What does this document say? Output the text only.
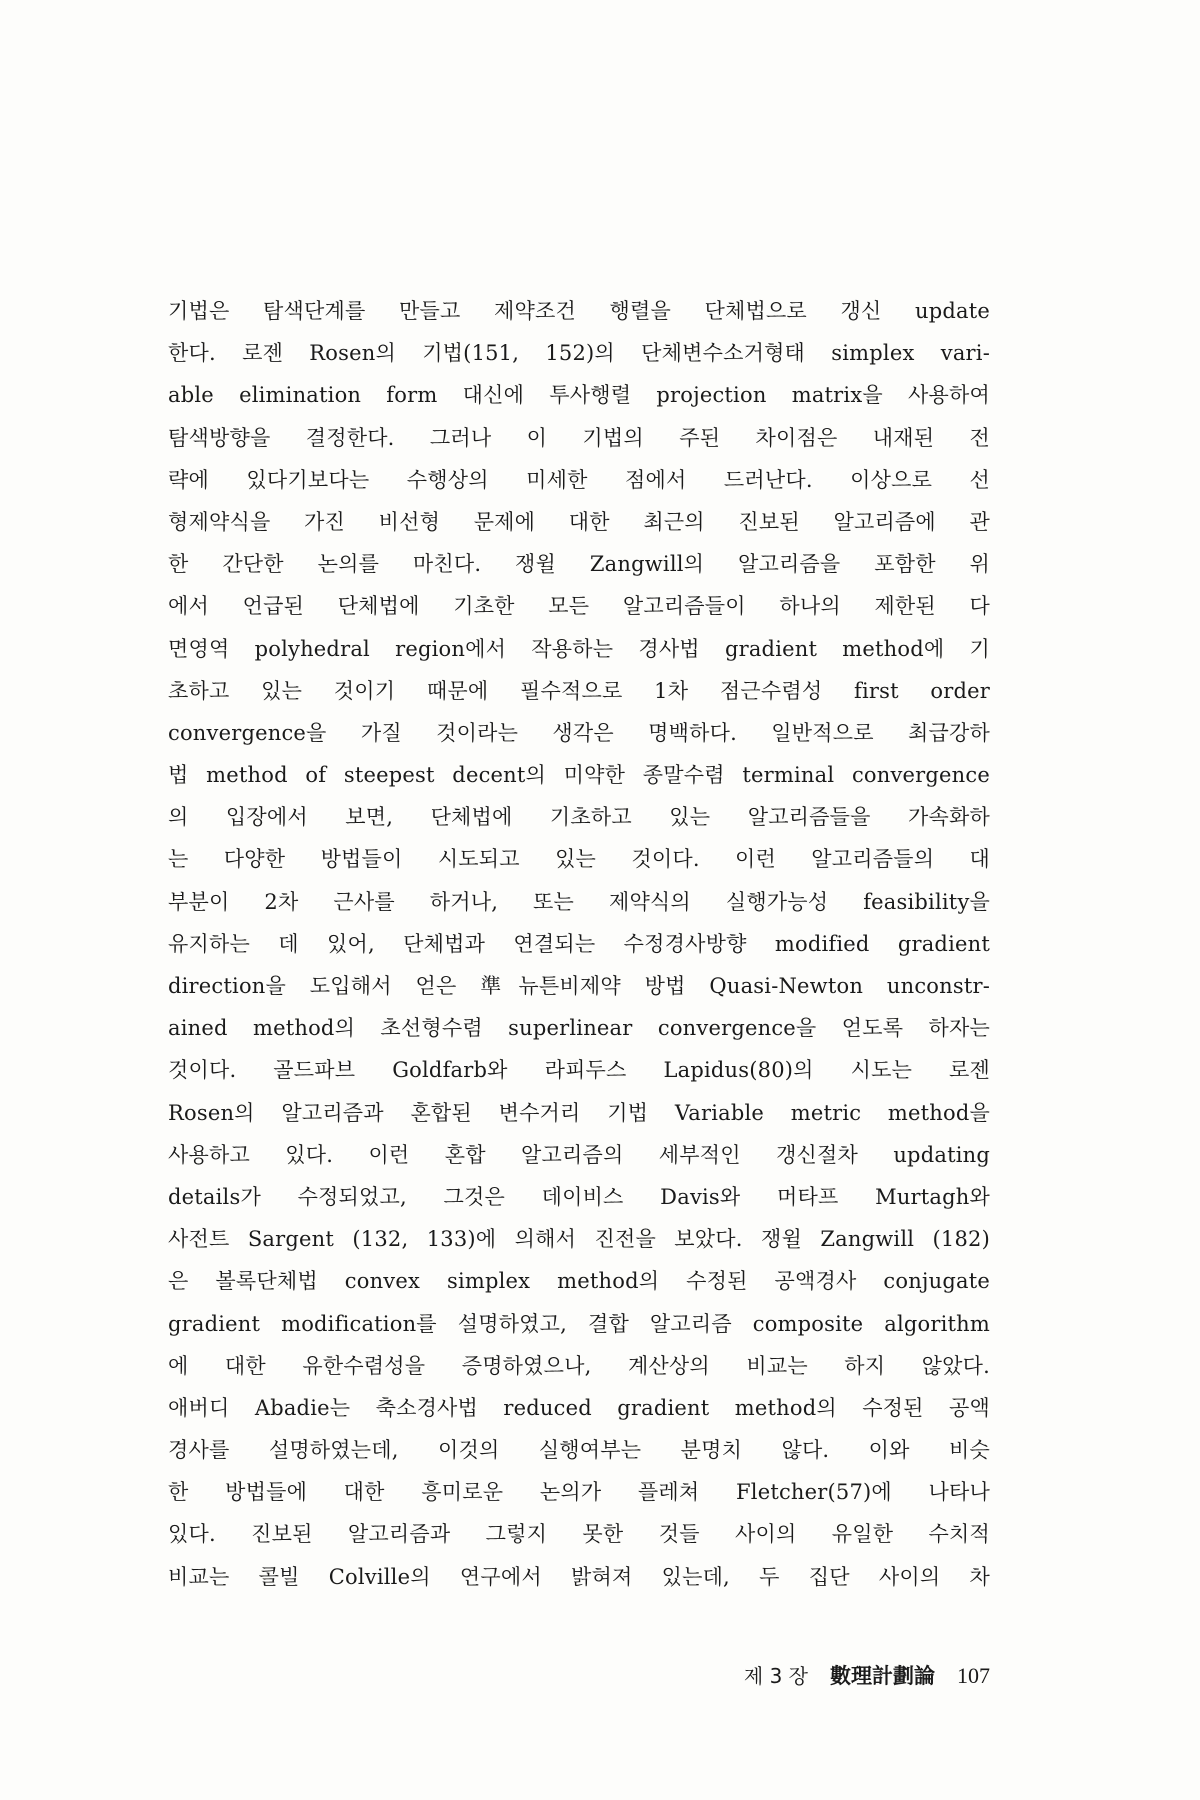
기법은 탐색단계를 만들고 제약조건 행렬을 단체법으로 갱신 update
한다. 로젠 Rosen의 기법(151, 152)의 단체변수소거형태 simplex vari-
able elimination form 대신에 투사행렬 projection matrix을 사용하여
탐색방향을 결정한다. 그러나 이 기법의 주된 차이점은 내재된 전
략에 있다기보다는 수행상의 미세한 점에서 드러난다. 이상으로 선
형제약식을 가진 비선형 문제에 대한 최근의 진보된 알고리즘에 관
한 간단한 논의를 마친다. 쟁윌 Zangwill의 알고리즘을 포함한 위
에서 언급된 단체법에 기초한 모든 알고리즘들이 하나의 제한된 다
면영역 polyhedral region에서 작용하는 경사법 gradient method에 기
초하고 있는 것이기 때문에 필수적으로 1차 점근수렴성 first order
convergence을 가질 것이라는 생각은 명백하다. 일반적으로 최급강하
법 method of steepest decent의 미약한 종말수렴 terminal convergence
의 입장에서 보면, 단체법에 기초하고 있는 알고리즘들을 가속화하
는 다양한 방법들이 시도되고 있는 것이다. 이런 알고리즘들의 대
부분이 2차 근사를 하거나, 또는 제약식의 실행가능성 feasibility을
유지하는 데 있어, 단체법과 연결되는 수정경사방향 modified gradient
direction을 도입해서 얻은 準뉴튼비제약 방법 Quasi-Newton unconstr-
ained method의 초선형수렴 superlinear convergence을 얻도록 하자는
것이다. 골드파브 Goldfarb와 라피두스 Lapidus(80)의 시도는 로젠
Rosen의 알고리즘과 혼합된 변수거리 기법 Variable metric method을
사용하고 있다. 이런 혼합 알고리즘의 세부적인 갱신절차 updating
details가 수정되었고, 그것은 데이비스 Davis와 머타프 Murtagh와
사전트 Sargent (132, 133)에 의해서 진전을 보았다. 쟁윌 Zangwill (182)
은 볼록단체법 convex simplex method의 수정된 공액경사 conjugate
gradient modification를 설명하였고, 결합 알고리즘 composite algorithm
에 대한 유한수렴성을 증명하였으나, 계산상의 비교는 하지 않았다.
애버디 Abadie는 축소경사법 reduced gradient method의 수정된 공액
경사를 설명하였는데, 이것의 실행여부는 분명치 않다. 이와 비슷
한 방법들에 대한 흥미로운 논의가 플레쳐 Fletcher(57)에 나타나
있다. 진보된 알고리즘과 그렇지 못한 것들 사이의 유일한 수치적
비교는 콜빌 Colville의 연구에서 밝혀져 있는데, 두 집단 사이의 차
제 3 장 數理計劃論 107
